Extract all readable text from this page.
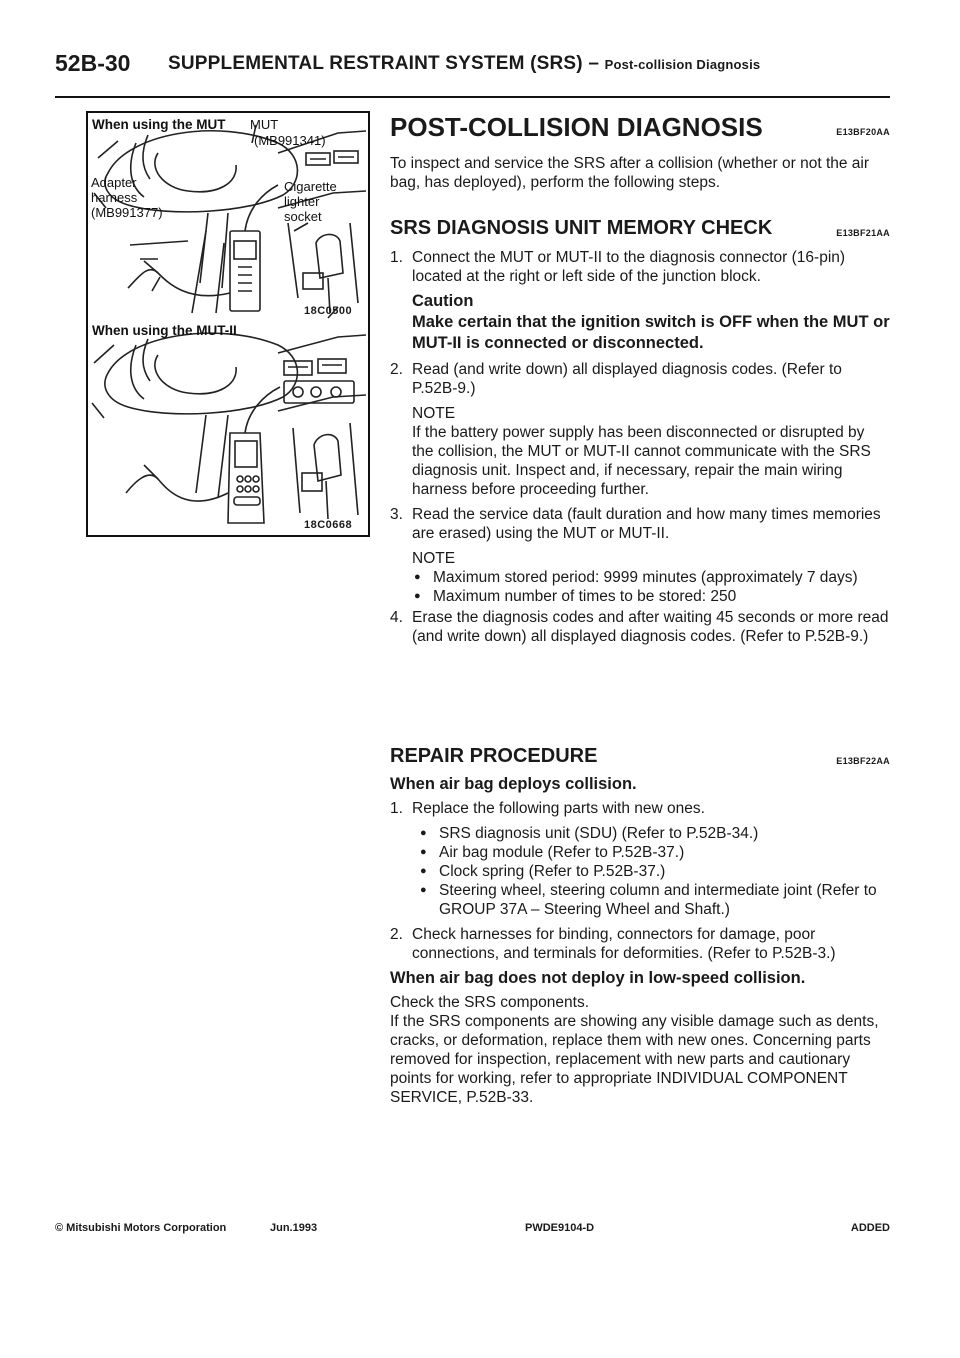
52B-30 SUPPLEMENTAL RESTRAINT SYSTEM (SRS) – Post-collision Diagnosis
When using the MUT MUT
(MB991341)
Cigarette
lighter
socket
Adapter
harness
(MB991377)
18C0500
When using the MUT-II
18C0668
POST-COLLISION DIAGNOSIS	E13BF20AA

To inspect and service the SRS after a collision (whether or not the air bag, has deployed), perform the following steps.

SRS DIAGNOSIS UNIT MEMORY CHECK	E13BF21AA
1. Connect the MUT or MUT-II to the diagnosis connector (16-pin) located at the right or left side of the junction block.

Caution

Make certain that the ignition switch is OFF when the MUT or MUT-II is connected or disconnected.

2. Read (and write down) all displayed diagnosis codes. (Refer to P.52B-9.)

NOTE

If the battery power supply has been disconnected or disrupted by the collision, the MUT or MUT-II cannot communicate with the SRS diagnosis unit. Inspect and, if necessary, repair the main wiring harness before proceeding further.

3. Read the service data (fault duration and how many times memories are erased) using the MUT or MUT-II.

NOTE

● Maximum stored period: 9999 minutes (approximately 7 days)

● Maximum number of times to be stored: 250

4. Erase the diagnosis codes and after waiting 45 seconds or more read (and write down) all displayed diagnosis codes. (Refer to P.52B-9.)

REPAIR PROCEDURE	E13BF22AA

When air bag deploys collision.

1. Replace the following parts with new ones.

● SRS diagnosis unit (SDU) (Refer to P.52B-34.)

● Air bag module (Refer to P.52B-37.)

● Clock spring (Refer to P.52B-37.)

● Steering wheel, steering column and intermediate joint (Refer to GROUP 37A – Steering Wheel and Shaft.)

2. Check harnesses for binding, connectors for damage, poor connections, and terminals for deformities. (Refer to P.52B-3.)

When air bag does not deploy in low-speed collision.

Check the SRS components.

If the SRS components are showing any visible damage such as dents, cracks, or deformation, replace them with new ones. Concerning parts removed for inspection, replacement with new parts and cautionary points for working, refer to appropriate INDIVIDUAL COMPONENT SERVICE, P.52B-33.

© Mitsubishi Motors Corporation	Jun.1993	PWDE9104-D	ADDED
